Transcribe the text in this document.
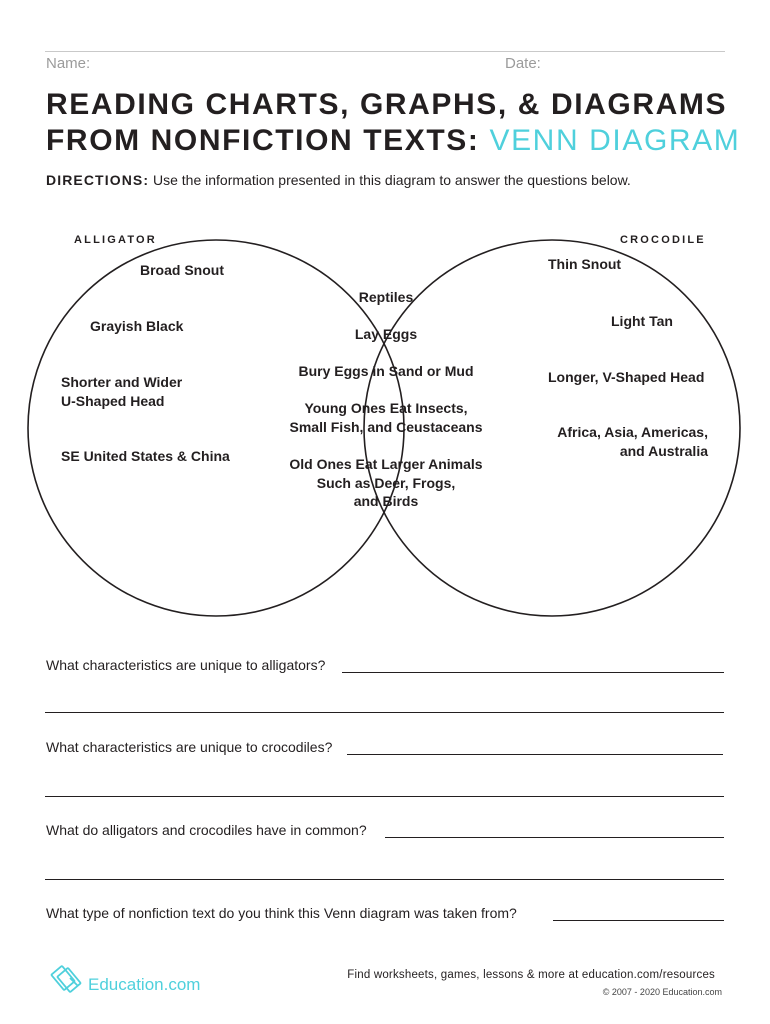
Name:	Date:
READING CHARTS, GRAPHS, & DIAGRAMS
FROM NONFICTION TEXTS: VENN DIAGRAM
DIRECTIONS: Use the information presented in this diagram to answer the questions below.
ALLIGATOR	CROCODILE
Broad Snout
Grayish Black
Shorter and Wider
U-Shaped Head
SE United States & China
Reptiles
Lay Eggs
Bury Eggs in Sand or Mud
Young Ones Eat Insects,
Small Fish, and Ceustaceans
Old Ones Eat Larger Animals
Such as Deer, Frogs,
and Birds
Thin Snout
Light Tan
Longer, V-Shaped Head
Africa, Asia, Americas,
and Australia
What characteristics are unique to alligators?
What characteristics are unique to crocodiles?
What do alligators and crocodiles have in common?
What type of nonfiction text do you think this Venn diagram was taken from?
Education.com	Find worksheets, games, lessons & more at education.com/resources
© 2007 - 2020 Education.com
